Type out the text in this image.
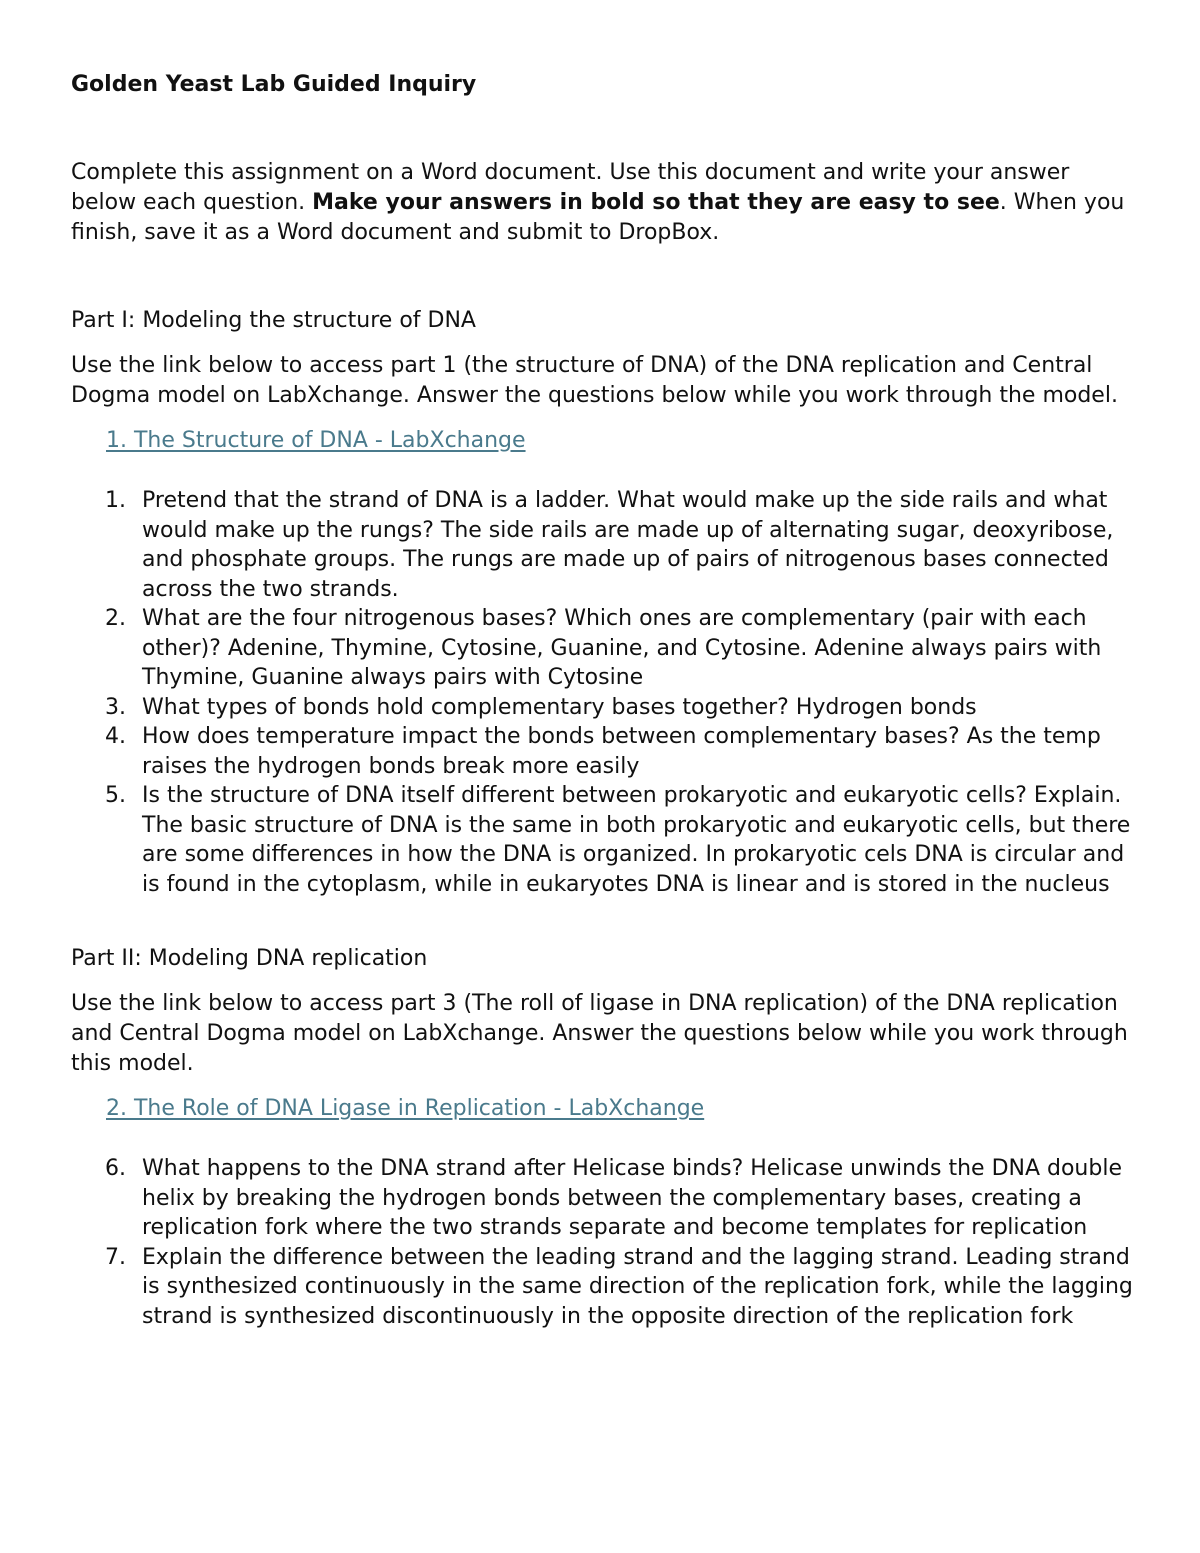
Golden Yeast Lab Guided Inquiry

Complete this assignment on a Word document. Use this document and write your answer below each question. Make your answers in bold so that they are easy to see. When you finish, save it as a Word document and submit to DropBox.

Part I: Modeling the structure of DNA

Use the link below to access part 1 (the structure of DNA) of the DNA replication and Central Dogma model on LabXchange. Answer the questions below while you work through the model.

1. The Structure of DNA - LabXchange
1. Pretend that the strand of DNA is a ladder. What would make up the side rails and what would make up the rungs? The side rails are made up of alternating sugar, deoxyribose, and phosphate groups. The rungs are made up of pairs of nitrogenous bases connected across the two strands.
2. What are the four nitrogenous bases? Which ones are complementary (pair with each other)? Adenine, Thymine, Cytosine, Guanine, and Cytosine. Adenine always pairs with Thymine, Guanine always pairs with Cytosine
3. What types of bonds hold complementary bases together? Hydrogen bonds
4. How does temperature impact the bonds between complementary bases? As the temp raises the hydrogen bonds break more easily
5. Is the structure of DNA itself different between prokaryotic and eukaryotic cells? Explain. The basic structure of DNA is the same in both prokaryotic and eukaryotic cells, but there are some differences in how the DNA is organized. In prokaryotic cels DNA is circular and is found in the cytoplasm, while in eukaryotes DNA is linear and is stored in the nucleus

Part II: Modeling DNA replication

Use the link below to access part 3 (The roll of ligase in DNA replication) of the DNA replication and Central Dogma model on LabXchange. Answer the questions below while you work through this model.

2. The Role of DNA Ligase in Replication - LabXchange
6. What happens to the DNA strand after Helicase binds? Helicase unwinds the DNA double helix by breaking the hydrogen bonds between the complementary bases, creating a replication fork where the two strands separate and become templates for replication
7. Explain the difference between the leading strand and the lagging strand. Leading strand is synthesized continuously in the same direction of the replication fork, while the lagging strand is synthesized discontinuously in the opposite direction of the replication fork
